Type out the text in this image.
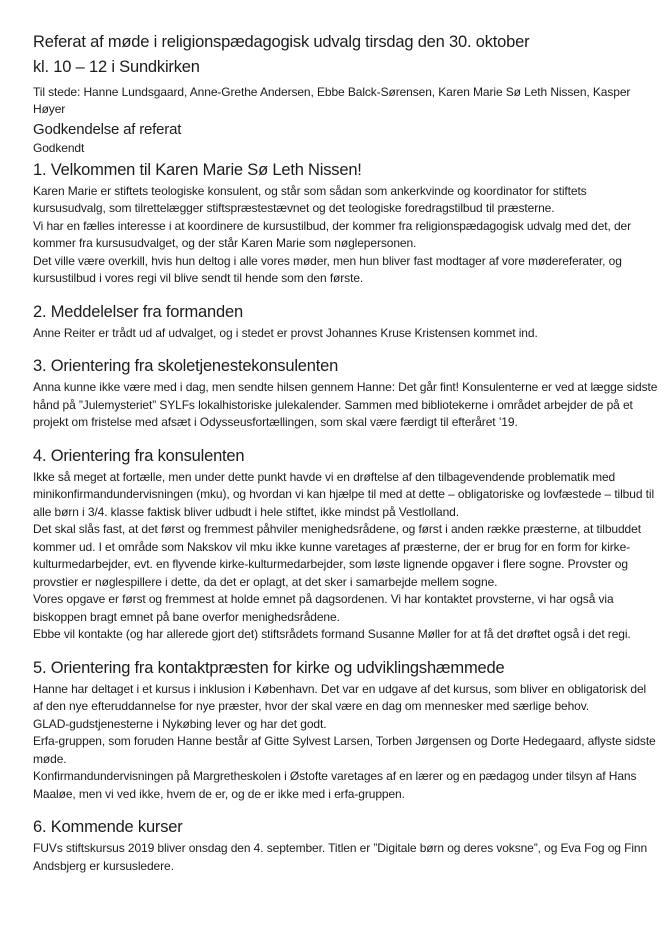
Referat af møde i religionspædagogisk udvalg tirsdag den 30. oktober
kl. 10 – 12 i Sundkirken

Til stede: Hanne Lundsgaard, Anne-Grethe Andersen, Ebbe Balck-Sørensen, Karen Marie Sø Leth Nissen, Kasper Høyer

Godkendelse af referat

Godkendt

1. Velkommen til Karen Marie Sø Leth Nissen!

Karen Marie er stiftets teologiske konsulent, og står som sådan som ankerkvinde og koordinator for stiftets kursusudvalg, som tilrettelægger stiftspræstestævnet og det teologiske foredragstilbud til præsterne.

Vi har en fælles interesse i at koordinere de kursustilbud, der kommer fra religionspædagogisk udvalg med det, der kommer fra kursusudvalget, og der står Karen Marie som nøglepersonen.

Det ville være overkill, hvis hun deltog i alle vores møder, men hun bliver fast modtager af vore mødereferater, og kursustilbud i vores regi vil blive sendt til hende som den første.

2. Meddelelser fra formanden

Anne Reiter er trådt ud af udvalget, og i stedet er provst Johannes Kruse Kristensen kommet ind.

3. Orientering fra skoletjenestekonsulenten

Anna kunne ikke være med i dag, men sendte hilsen gennem Hanne: Det går fint! Konsulenterne er ved at lægge sidste hånd på ”Julemysteriet” SYLFs lokalhistoriske julekalender. Sammen med bibliotekerne i området arbejder de på et projekt om fristelse med afsæt i Odysseusfortællingen, som skal være færdigt til efteråret ’19.

4. Orientering fra konsulenten

Ikke så meget at fortælle, men under dette punkt havde vi en drøftelse af den tilbagevendende problematik med minikonfirmandundervisningen (mku), og hvordan vi kan hjælpe til med at dette – obligatoriske og lovfæstede – tilbud til alle børn i 3/4. klasse faktisk bliver udbudt i hele stiftet, ikke mindst på Vestlolland.

Det skal slås fast, at det først og fremmest påhviler menighedsrådene, og først i anden række præsterne, at tilbuddet kommer ud. I et område som Nakskov vil mku ikke kunne varetages af præsterne, der er brug for en form for kirke-kulturmedarbejder, evt. en flyvende kirke-kulturmedarbejder, som løste lignende opgaver i flere sogne. Provster og provstier er nøglespillere i dette, da det er oplagt, at det sker i samarbejde mellem sogne.

Vores opgave er først og fremmest at holde emnet på dagsordenen. Vi har kontaktet provsterne, vi har også via biskoppen bragt emnet på bane overfor menighedsrådene.

Ebbe vil kontakte (og har allerede gjort det) stiftsrådets formand Susanne Møller for at få det drøftet også i det regi.

5. Orientering fra kontaktpræsten for kirke og udviklingshæmmede

Hanne har deltaget i et kursus i inklusion i København. Det var en udgave af det kursus, som bliver en obligatorisk del af den nye efteruddannelse for nye præster, hvor der skal være en dag om mennesker med særlige behov.

GLAD-gudstjenesterne i Nykøbing lever og har det godt.

Erfa-gruppen, som foruden Hanne består af Gitte Sylvest Larsen, Torben Jørgensen og Dorte Hedegaard, aflyste sidste møde.

Konfirmandundervisningen på Margretheskolen i Østofte varetages af en lærer og en pædagog under tilsyn af Hans Maaløe, men vi ved ikke, hvem de er, og de er ikke med i erfa-gruppen.

6. Kommende kurser

FUVs stiftskursus 2019 bliver onsdag den 4. september. Titlen er ”Digitale børn og deres voksne”, og Eva Fog og Finn Andsbjerg er kursusledere.
